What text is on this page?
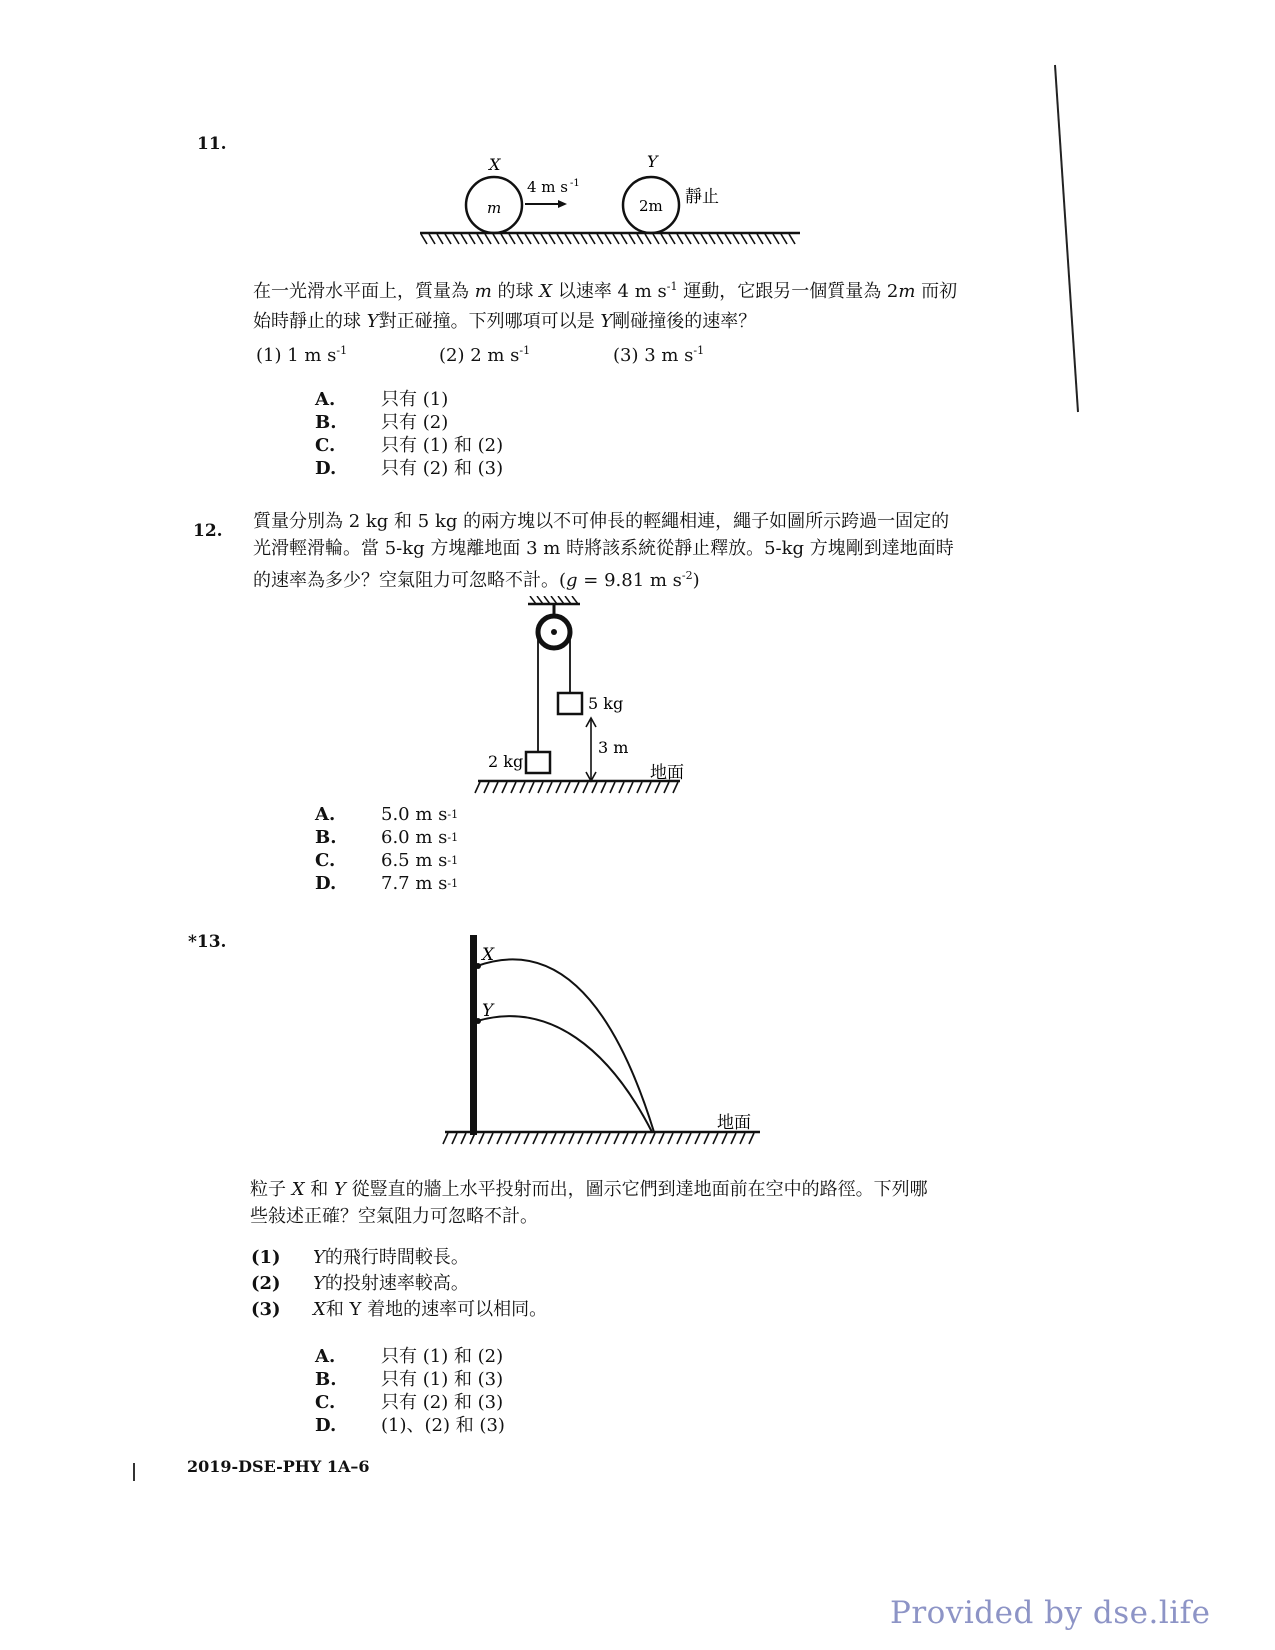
11.
m
X
4 m s -1
2m
Y
靜止
在一光滑水平面上，質量為 m 的球 X 以速率 4 m $s^{-1}$ 運動，它跟另一個質量為 2m 而初
始時靜止的球 Y對正碰撞。下列哪項可以是 Y剛碰撞後的速率？
(1) 1 m $s^{-1}$	(2) 2 m $s^{-1}$	(3) 3 m $s^{-1}$
A.	只有 (1)
B.	只有 (2)
C.	只有 (1) 和 (2)
D.	只有 (2) 和 (3)
12. 質量分別為 2 kg 和 5 kg 的兩方塊以不可伸長的輕繩相連，繩子如圖所示跨過一固定的
光滑輕滑輪。當 5-kg 方塊離地面 3 m 時將該系統從靜止釋放。5-kg 方塊剛到達地面時
的速率為多少？空氣阻力可忽略不計。(g = 9.81 m $s^{-2}$)
5 kg
2 kg
3 m
地面
A.	5.0 m s -1
B.	6.0 m s -1
C.	6.5 m s -1
D.	7.7 m s -1
*13.
X
Y
地面
粒子 X 和 Y 從豎直的牆上水平投射而出，圖示它們到達地面前在空中的路徑。下列哪
些敍述正確？空氣阻力可忽略不計。
(1)	Y 的飛行時間較長。
(2)	Y 的投射速率較高。
(3)	X 和 Y 着地的速率可以相同。
A.	只有 (1) 和 (2)
B.	只有 (1) 和 (3)
C.	只有 (2) 和 (3)
D.	(1)、(2) 和 (3)
2019-DSE-PHY 1A–6
Provided by dse.life
